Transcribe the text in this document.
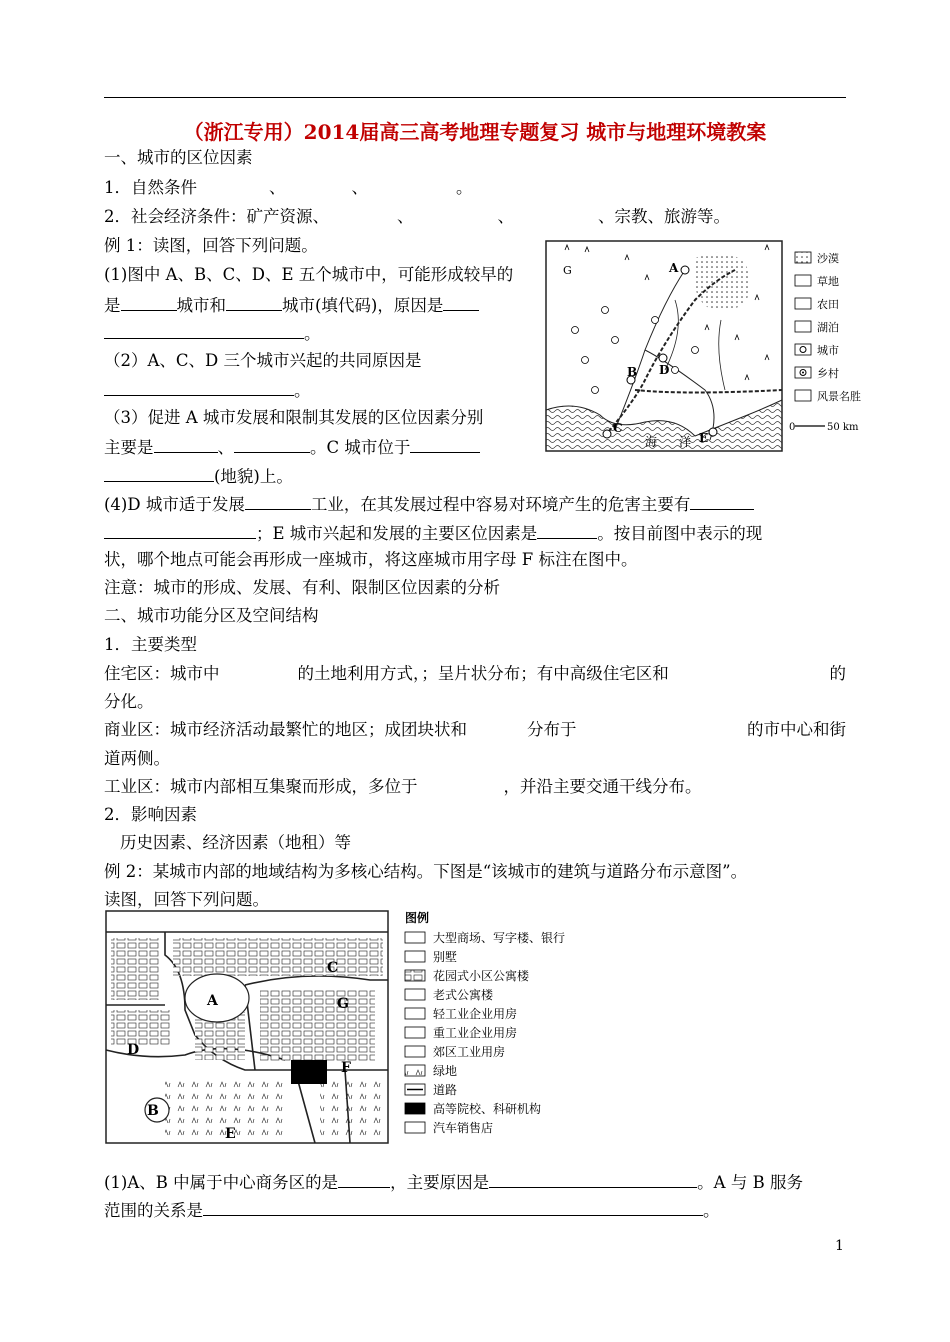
（浙江专用）2014届高三高考地理专题复习 城市与地理环境教案
一、城市的区位因素
1．自然条件	、	、	。
2．社会经济条件：矿产资源、	、	、	、宗教、旅游等。
例 1：读图，回答下列问题。
(1)图中 A、B、C、D、E 五个城市中，可能形成较早的
是	城市和	城市(填代码)，原因是
。
（2）A、C、D 三个城市兴起的共同原因是
。
（3）促进 A 城市发展和限制其发展的区位因素分别
主要是	、	。C 城市位于
(地貌)上。
(4)D 城市适于发展	工业，在其发展过程中容易对环境产生的危害主要有
；E 城市兴起和发展的主要区位因素是	。按目前图中表示的现
状，哪个地点可能会再形成一座城市，将这座城市用字母 F 标注在图中。
注意：城市的形成、发展、有利、限制区位因素的分析
A
B
C
D
E
G
海 洋
沙漠
草地
农田
湖泊
城市
乡村
风景名胜
0	50 km
二、城市功能分区及空间结构
1．主要类型
住宅区：城市中	的土地利用方式，；呈片状分布；有中高级住宅区和	的
分化。
商业区：城市经济活动最繁忙的地区；成团块状和	分布于	的市中心和街
道两侧。
工业区：城市内部相互集聚而形成，多位于	，并沿主要交通干线分布。
2．影响因素
历史因素、经济因素（地租）等
例 2：某城市内部的地域结构为多核心结构。下图是“该城市的建筑与道路分布示意图”。
读图，回答下列问题。
A
B
C
D
E
F
G
图例
大型商场、写字楼、银行
别墅
花园式小区公寓楼
老式公寓楼
轻工业企业用房
重工业企业用房
郊区工业用房
绿地
道路
高等院校、科研机构
汽车销售店
(1)A、B 中属于中心商务区的是	，主要原因是	。A 与 B 服务
范围的关系是	。
1
